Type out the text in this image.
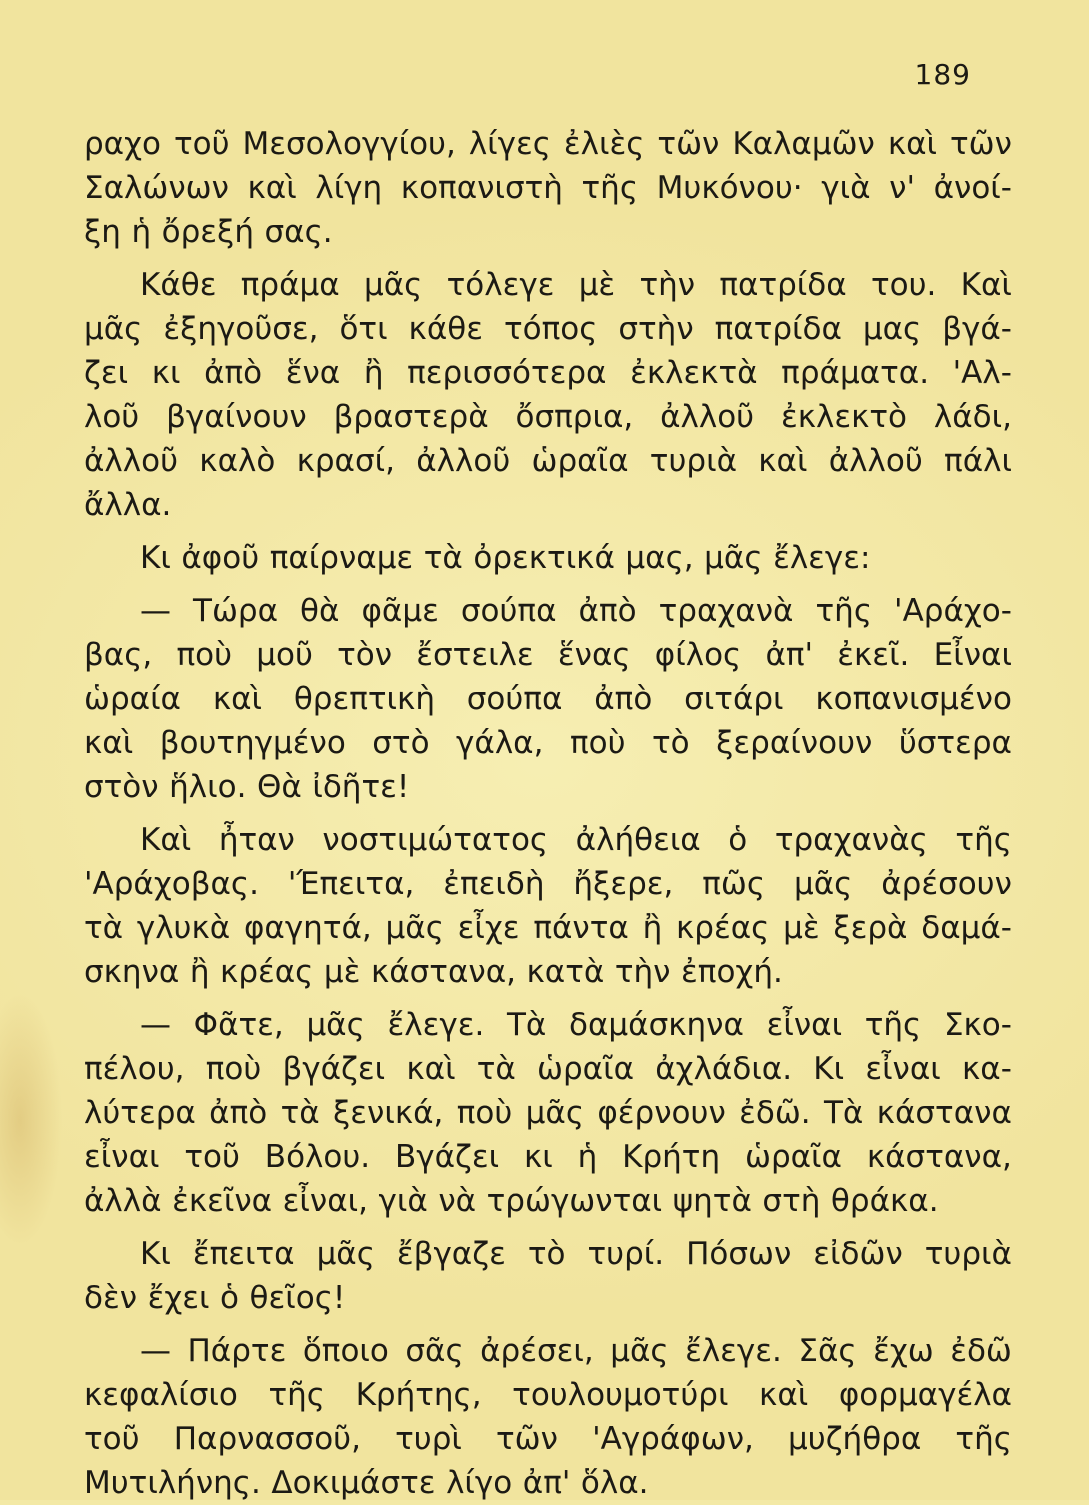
189
ραχο τοῦ Μεσολογγίου, λίγες ἐλιὲς τῶν Καλαμῶν καὶ τῶν
Σαλώνων καὶ λίγη κοπανιστὴ τῆς Μυκόνου· γιὰ ν' ἀνοί-
ξη ἡ ὄρεξή σας.
Κάθε πράμα μᾶς τόλεγε μὲ τὴν πατρίδα του. Καὶ
μᾶς ἐξηγοῦσε, ὅτι κάθε τόπος στὴν πατρίδα μας βγά-
ζει κι ἀπὸ ἕνα ἢ περισσότερα ἐκλεκτὰ πράματα. 'Αλ-
λοῦ βγαίνουν βραστερὰ ὄσπρια, ἀλλοῦ ἐκλεκτὸ λάδι,
ἀλλοῦ καλὸ κρασί, ἀλλοῦ ὡραῖα τυριὰ καὶ ἀλλοῦ πάλι
ἄλλα.
Κι ἀφοῦ παίρναμε τὰ ὀρεκτικά μας, μᾶς ἔλεγε:
— Τώρα θὰ φᾶμε σούπα ἀπὸ τραχανὰ τῆς 'Αράχο-
βας, ποὺ μοῦ τὸν ἔστειλε ἕνας φίλος ἀπ' ἐκεῖ. Εἶναι
ὡραία καὶ θρεπτικὴ σούπα ἀπὸ σιτάρι κοπανισμένο
καὶ βουτηγμένο στὸ γάλα, ποὺ τὸ ξεραίνουν ὕστερα
στὸν ἥλιο. Θὰ ἰδῆτε!
Καὶ ἦταν νοστιμώτατος ἀλήθεια ὁ τραχανὰς τῆς
'Αράχοβας. 'Έπειτα, ἐπειδὴ ἤξερε, πῶς μᾶς ἀρέσουν
τὰ γλυκὰ φαγητά, μᾶς εἶχε πάντα ἢ κρέας μὲ ξερὰ δαμά-
σκηνα ἢ κρέας μὲ κάστανα, κατὰ τὴν ἐποχή.
— Φᾶτε, μᾶς ἔλεγε. Τὰ δαμάσκηνα εἶναι τῆς Σκο-
πέλου, ποὺ βγάζει καὶ τὰ ὡραῖα ἀχλάδια. Κι εἶναι κα-
λύτερα ἀπὸ τὰ ξενικά, ποὺ μᾶς φέρνουν ἐδῶ. Τὰ κάστανα
εἶναι τοῦ Βόλου. Βγάζει κι ἡ Κρήτη ὡραῖα κάστανα,
ἀλλὰ ἐκεῖνα εἶναι, γιὰ νὰ τρώγωνται ψητὰ στὴ θράκα.
Κι ἔπειτα μᾶς ἔβγαζε τὸ τυρί. Πόσων εἰδῶν τυριὰ
δὲν ἔχει ὁ θεῖος!
— Πάρτε ὅποιο σᾶς ἀρέσει, μᾶς ἔλεγε. Σᾶς ἔχω ἐδῶ
κεφαλίσιο τῆς Κρήτης, τουλουμοτύρι καὶ φορμαγέλα
τοῦ Παρνασσοῦ, τυρὶ τῶν 'Αγράφων, μυζήθρα τῆς
Μυτιλήνης. Δοκιμάστε λίγο ἀπ' ὅλα.
